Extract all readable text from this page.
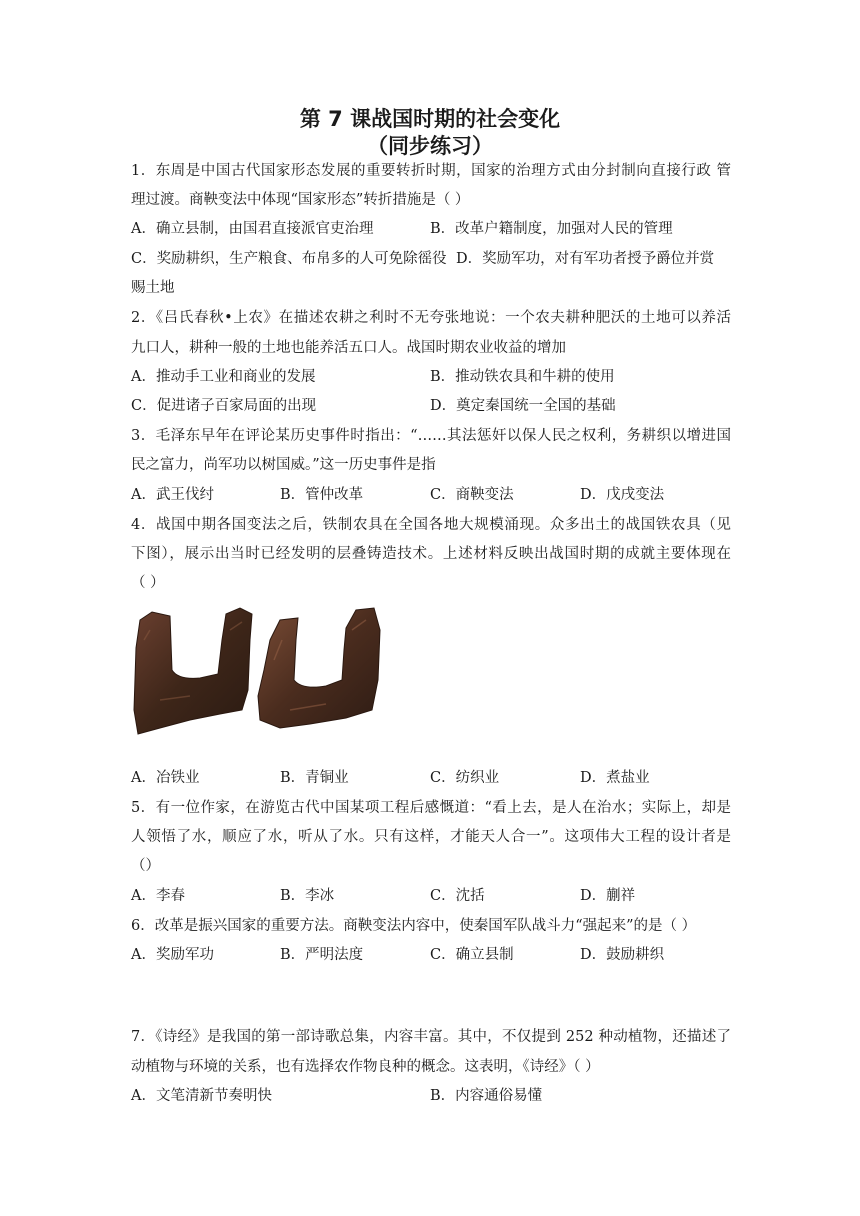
第 7 课战国时期的社会变化
（同步练习）
1．东周是中国古代国家形态发展的重要转折时期，国家的治理方式由分封制向直接行政 管
理过渡。商鞅变法中体现“国家形态”转折措施是（ ）
A．确立县制，由国君直接派官吏治理	B．改革户籍制度，加强对人民的管理
C．奖励耕织，生产粮食、布帛多的人可免除徭役 D．奖励军功，对有军功者授予爵位并赏
赐土地
2．《吕氏春秋•上农》在描述农耕之利时不无夸张地说：一个农夫耕种肥沃的土地可以养活
九口人，耕种一般的土地也能养活五口人。战国时期农业收益的增加
A．推动手工业和商业的发展	B．推动铁农具和牛耕的使用
C．促进诸子百家局面的出现	D．奠定秦国统一全国的基础
3．毛泽东早年在评论某历史事件时指出：“……其法惩奸以保人民之权利，务耕织以增进国
民之富力，尚军功以树国威。”这一历史事件是指
A．武王伐纣	B．管仲改革	C．商鞅变法	D．戊戌变法
4．战国中期各国变法之后，铁制农具在全国各地大规模涌现。众多出土的战国铁农具（见
下图），展示出当时已经发明的层叠铸造技术。上述材料反映出战国时期的成就主要体现在
（ ）
A．冶铁业	B．青铜业	C．纺织业	D．煮盐业
5．有一位作家，在游览古代中国某项工程后感慨道：“看上去，是人在治水；实际上，却是
人领悟了水，顺应了水，听从了水。只有这样，才能天人合一”。这项伟大工程的设计者是
（）
A．李春	B．李冰	C．沈括	D．蒯祥
6．改革是振兴国家的重要方法。商鞅变法内容中，使秦国军队战斗力“强起来”的是（ ）
A．奖励军功	B．严明法度	C．确立县制	D．鼓励耕织
7．《诗经》是我国的第一部诗歌总集，内容丰富。其中，不仅提到 252 种动植物，还描述了
动植物与环境的关系，也有选择农作物良种的概念。这表明，《诗经》（ ）
A．文笔清新节奏明快	B．内容通俗易懂
